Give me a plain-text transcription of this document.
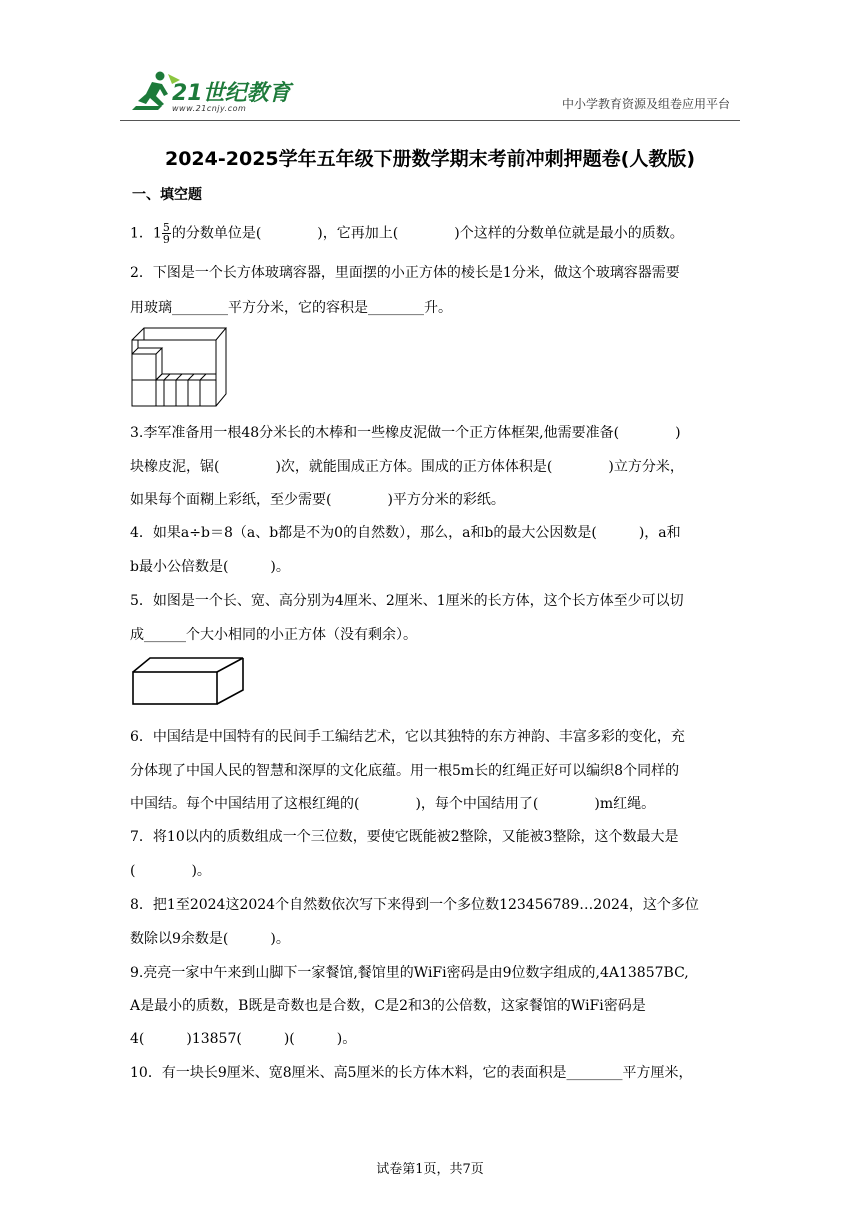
21世纪教育
www.21cnjy.com	中小学教育资源及组卷应用平台
2024-2025学年五年级下册数学期末考前冲刺押题卷(人教版)
一、填空题
1．$1 \frac{5}{9}$ 的分数单位是(　　　　)，它再加上(　　　　)个这样的分数单位就是最小的质数。
2．下图是一个长方体玻璃容器，里面摆的小正方体的棱长是1分米，做这个玻璃容器需要
用玻璃________平方分米，它的容积是________升。
3.李军准备用一根48分米长的木棒和一些橡皮泥做一个正方体框架,他需要准备(　　　　)
块橡皮泥，锯(　　　　)次，就能围成正方体。围成的正方体体积是(　　　　)立方分米，
如果每个面糊上彩纸，至少需要(　　　　)平方分米的彩纸。
4．如果a÷b＝8（a、b都是不为0的自然数），那么，a和b的最大公因数是(　　　)，a和
b最小公倍数是(　　　)。
5．如图是一个长、宽、高分别为4厘米、2厘米、1厘米的长方体，这个长方体至少可以切
成______个大小相同的小正方体（没有剩余）。
6．中国结是中国特有的民间手工编结艺术，它以其独特的东方神韵、丰富多彩的变化，充
分体现了中国人民的智慧和深厚的文化底蕴。用一根5m长的红绳正好可以编织8个同样的
中国结。每个中国结用了这根红绳的(　　　　)，每个中国结用了(　　　　)m红绳。
7．将10以内的质数组成一个三位数，要使它既能被2整除，又能被3整除，这个数最大是
(　　　　)。
8．把1至2024这2024个自然数依次写下来得到一个多位数123456789…2024，这个多位
数除以9余数是(　　　)。
9.亮亮一家中午来到山脚下一家餐馆,餐馆里的WiFi密码是由9位数字组成的,4A13857BC,
A是最小的质数，B既是奇数也是合数，C是2和3的公倍数，这家餐馆的WiFi密码是
4(　　　)13857(　　　)(　　　)。
10．有一块长9厘米、宽8厘米、高5厘米的长方体木料，它的表面积是________平方厘米，
试卷第1页，共7页
